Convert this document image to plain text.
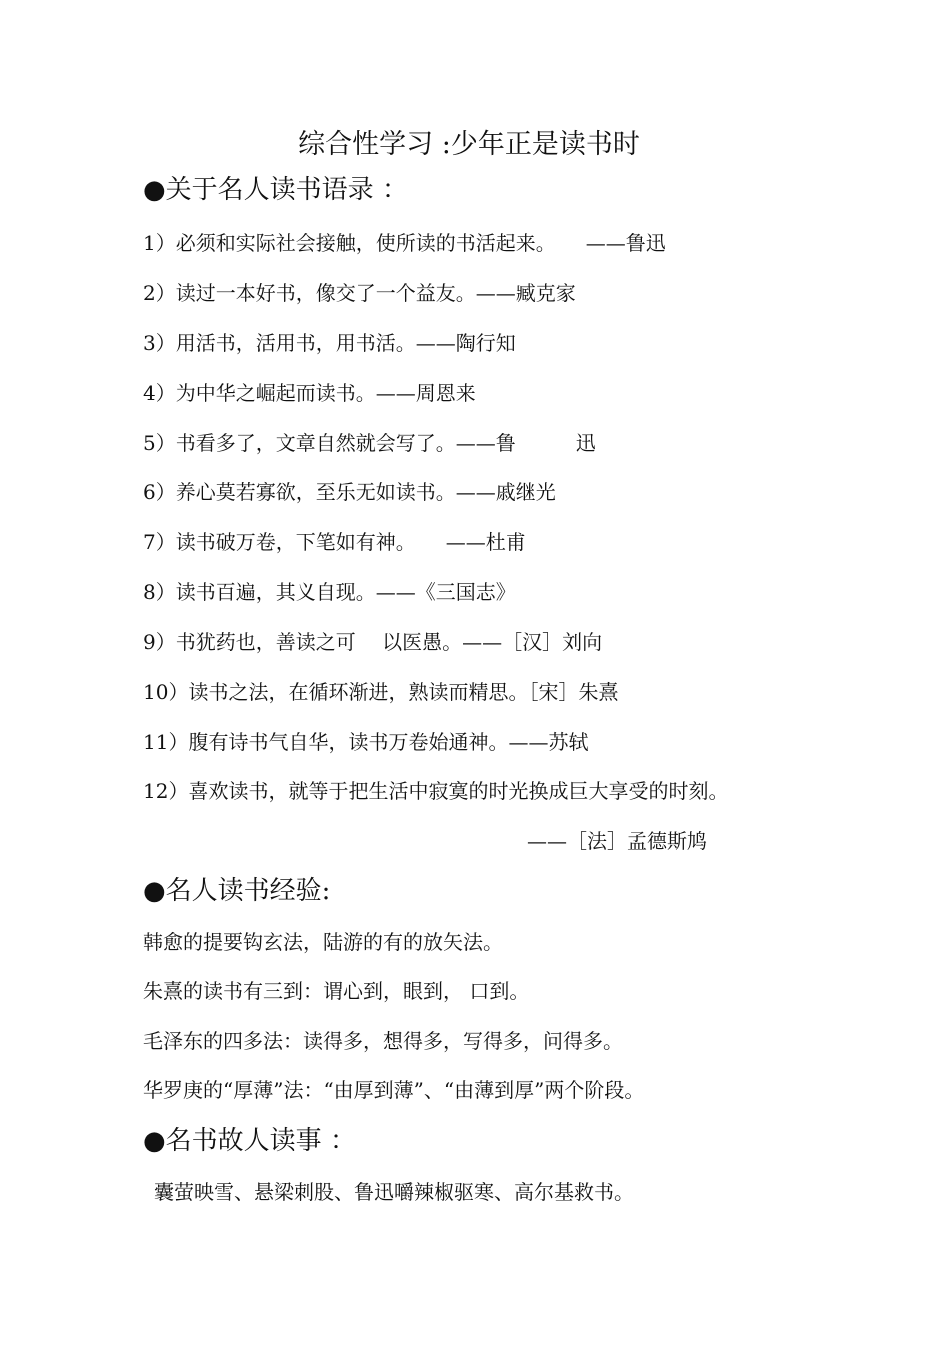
综合性学习 :少年正是读书时
●关于名人读书语录 ：
1）必须和实际社会接触，使所读的书活起来。　　——鲁迅
2）读过一本好书，像交了一个益友。——臧克家
3）用活书，活用书，用书活。——陶行知
4）为中华之崛起而读书。——周恩来
5）书看多了，文章自然就会写了。——鲁　　　迅
6）养心莫若寡欲，至乐无如读书。——戚继光
7）读书破万卷，下笔如有神。　　——杜甫
8）读书百遍，其义自现。——《三国志》
9）书犹药也，善读之可　 以医愚。——［汉］刘向
10）读书之法，在循环渐进，熟读而精思。［宋］朱熹
11）腹有诗书气自华，读书万卷始通神。——苏轼
12）喜欢读书，就等于把生活中寂寞的时光换成巨大享受的时刻。
——［法］孟德斯鸠
●名人读书经验:
韩愈的提要钩玄法，陆游的有的放矢法。
朱熹的读书有三到：谓心到，眼到， 口到。
毛泽东的四多法：读得多，想得多，写得多，问得多。
华罗庚的“厚薄”法：“由厚到薄”、“由薄到厚”两个阶段。
●名书故人读事 ：
囊萤映雪、悬梁刺股、鲁迅嚼辣椒驱寒、高尔基救书。
